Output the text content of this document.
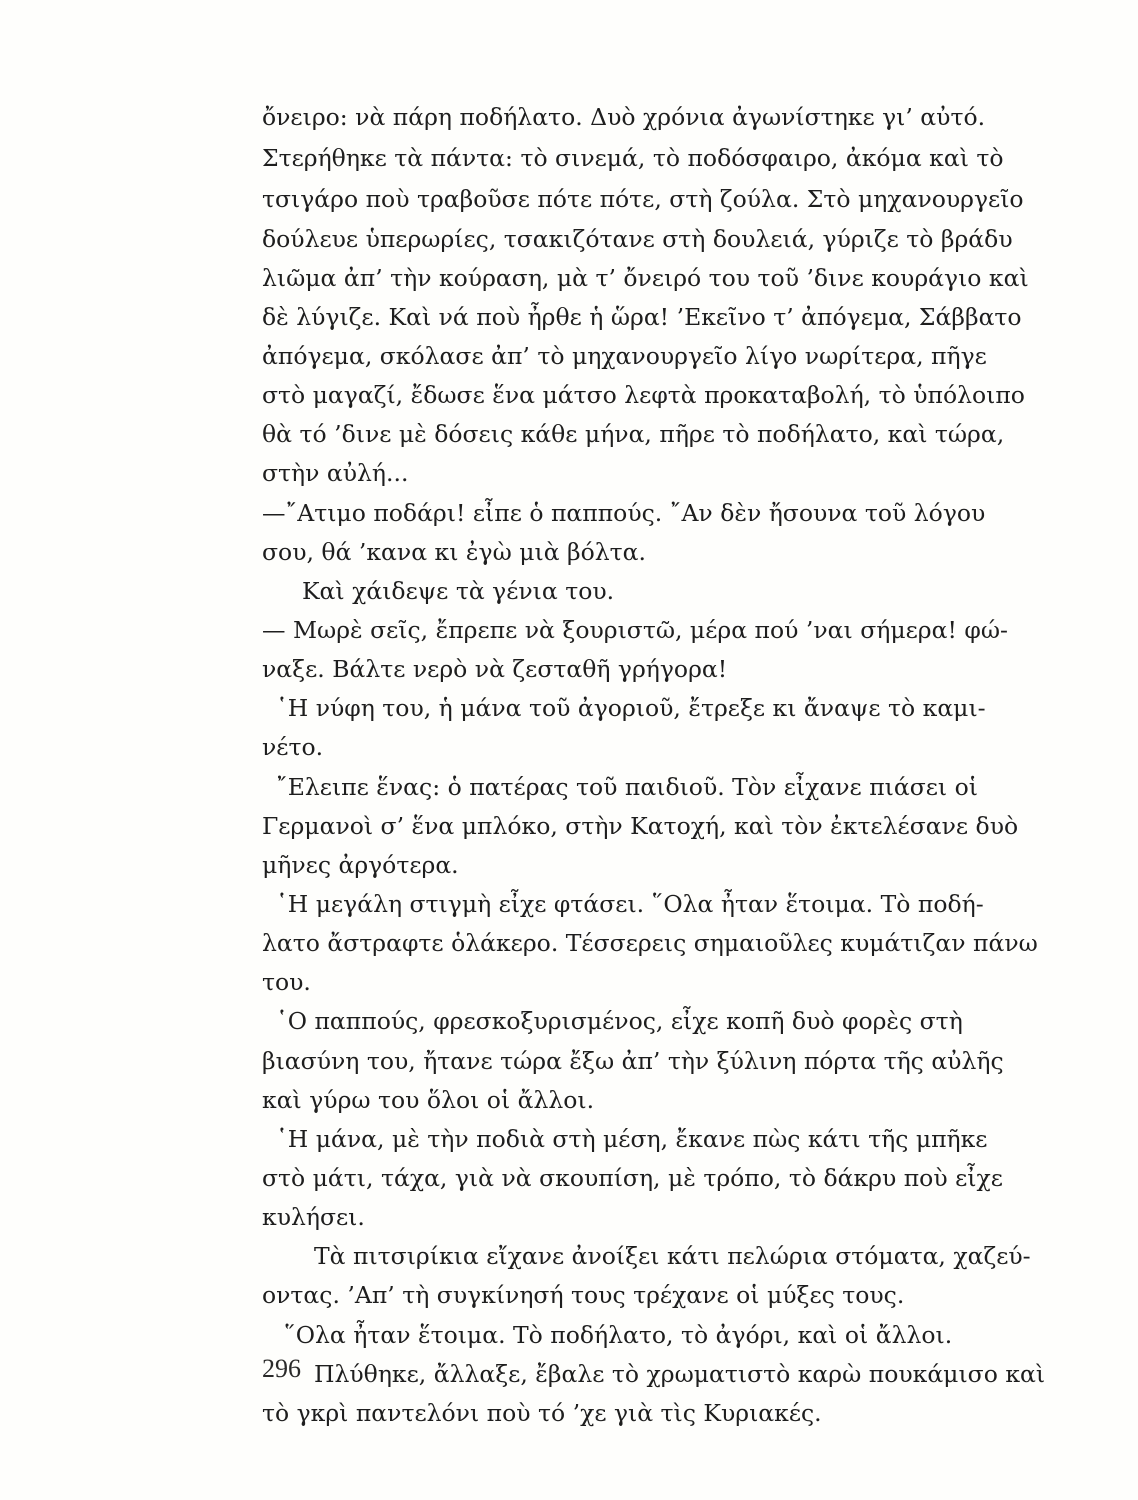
ὄνειρο: νὰ πάρη ποδήλατο. Δυὸ χρόνια ἀγωνίστηκε γι’ αὐτό.
Στερήθηκε τὰ πάντα: τὸ σινεμά, τὸ ποδόσφαιρο, ἀκόμα καὶ τὸ
τσιγάρο ποὺ τραβοῦσε πότε πότε, στὴ ζούλα. Στὸ μηχανουργεῖο
δούλευε ὑπερωρίες, τσακιζότανε στὴ δουλειά, γύριζε τὸ βράδυ
λιῶμα ἀπ’ τὴν κούραση, μὰ τ’ ὄνειρό του τοῦ ’δινε κουράγιο καὶ
δὲ λύγιζε. Καὶ νά ποὺ ἦρθε ἡ ὥρα! ’Εκεῖνο τ’ ἀπόγεμα, Σάββατο
ἀπόγεμα, σκόλασε ἀπ’ τὸ μηχανουργεῖο λίγο νωρίτερα, πῆγε
στὸ μαγαζί, ἔδωσε ἕνα μάτσο λεφτὰ προκαταβολή, τὸ ὑπόλοιπο
θὰ τό ’δινε μὲ δόσεις κάθε μήνα, πῆρε τὸ ποδήλατο, καὶ τώρα,
στὴν αὐλή...
—῎Ατιμο ποδάρι! εἶπε ὁ παππούς. ῎Αν δὲν ἤσουνα τοῦ λόγου
σου, θά ’κανα κι ἐγὼ μιὰ βόλτα.
Καὶ χάιδεψε τὰ γένια του.
— Μωρὲ σεῖς, ἔπρεπε νὰ ξουριστῶ, μέρα πού ’ναι σήμερα! φώ-
ναξε. Βάλτε νερὸ νὰ ζεσταθῆ γρήγορα!
῾Η νύφη του, ἡ μάνα τοῦ ἀγοριοῦ, ἔτρεξε κι ἄναψε τὸ καμι-
νέτο.
῎Ελειπε ἕνας: ὁ πατέρας τοῦ παιδιοῦ. Τὸν εἶχανε πιάσει οἱ
Γερμανοὶ σ’ ἕνα μπλόκο, στὴν Κατοχή, καὶ τὸν ἐκτελέσανε δυὸ
μῆνες ἀργότερα.
῾Η μεγάλη στιγμὴ εἶχε φτάσει. ῞Ολα ἦταν ἕτοιμα. Τὸ ποδή-
λατο ἄστραφτε ὁλάκερο. Τέσσερεις σημαιοῦλες κυμάτιζαν πάνω
του.
῾Ο παππούς, φρεσκοξυρισμένος, εἶχε κοπῆ δυὸ φορὲς στὴ
βιασύνη του, ἤτανε τώρα ἔξω ἀπ’ τὴν ξύλινη πόρτα τῆς αὐλῆς
καὶ γύρω του ὅλοι οἱ ἄλλοι.
῾Η μάνα, μὲ τὴν ποδιὰ στὴ μέση, ἔκανε πὼς κάτι τῆς μπῆκε
στὸ μάτι, τάχα, γιὰ νὰ σκουπίση, μὲ τρόπο, τὸ δάκρυ ποὺ εἶχε
κυλήσει.
Τὰ πιτσιρίκια εἴχανε ἀνοίξει κάτι πελώρια στόματα, χαζεύ-
οντας. ’Απ’ τὴ συγκίνησή τους τρέχανε οἱ μύξες τους.
῞Ολα ἦταν ἕτοιμα. Τὸ ποδήλατο, τὸ ἀγόρι, καὶ οἱ ἄλλοι.
Πλύθηκε, ἄλλαξε, ἔβαλε τὸ χρωματιστὸ καρὼ πουκάμισο καὶ
τὸ γκρὶ παντελόνι ποὺ τό ’χε γιὰ τὶς Κυριακές.
296
